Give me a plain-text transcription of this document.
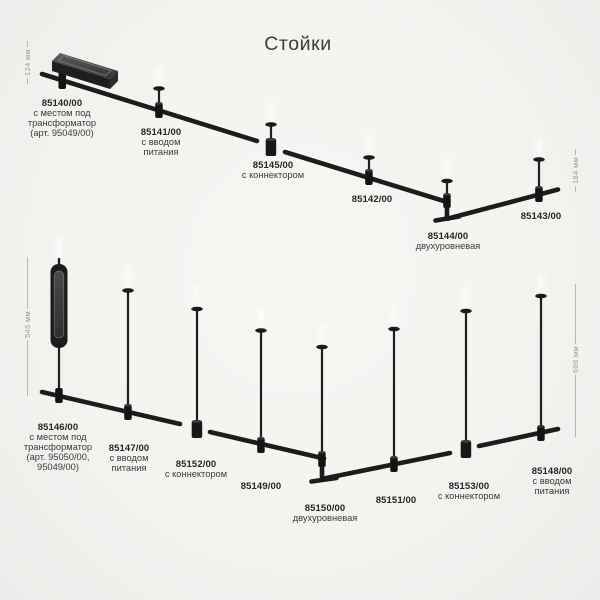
Стойки
124 мм
184 мм
545 мм
606 мм
85140/00
с местом под
трансформатор
(арт. 95049/00)	85141/00
с вводом
питания
85145/00
с коннектором
85142/00
85144/00
двухуровневая
85143/00
85146/00
с местом под
трансформатор
(арт. 95050/00,
95049/00)
85147/00
с вводом
питания	85152/00
с коннектором
85149/00
85150/00
двухуровневая
85151/00
85153/00
с коннектором
85148/00
с вводом
питания
